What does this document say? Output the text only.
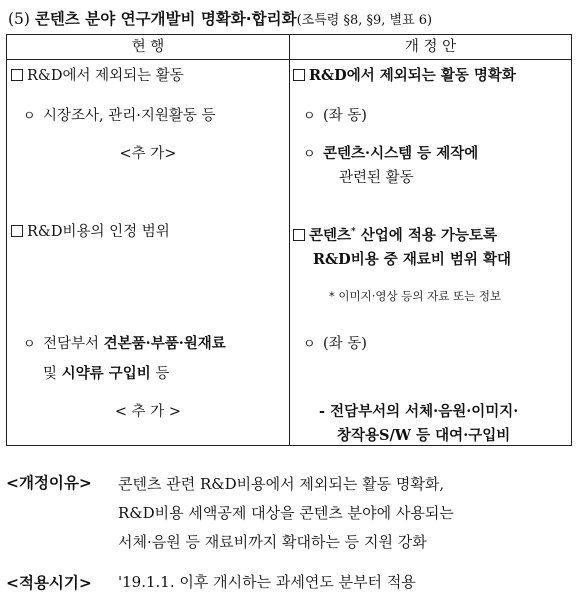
(5) 콘텐츠 분야 연구개발비 명확화·합리화(조특령 §8, §9, 별표 6)
현 행	개 정 안
R&D에서 제외되는 활동
ㅇ 시장조사, 관리·지원활동 등
<추 가>
R&D비용의 인정 범위
ㅇ 전담부서 견본품·부품·원재료
및 시약류 구입비 등
< 추 가 >
R&D에서 제외되는 활동 명확화
ㅇ (좌 동)
ㅇ 콘텐츠·시스템 등 제작에
관련된 활동
콘텐츠* 산업에 적용 가능토록
R&D비용 중 재료비 범위 확대
* 이미지·영상 등의 자료 또는 정보
ㅇ (좌 동)
- 전담부서의 서체·음원·이미지·
창작용S/W 등 대여·구입비
<개정이유> 콘텐츠 관련 R&D비용에서 제외되는 활동 명확화,
R&D비용 세액공제 대상을 콘텐츠 분야에 사용되는
서체·음원 등 재료비까지 확대하는 등 지원 강화
<적용시기> '19.1.1. 이후 개시하는 과세연도 분부터 적용
